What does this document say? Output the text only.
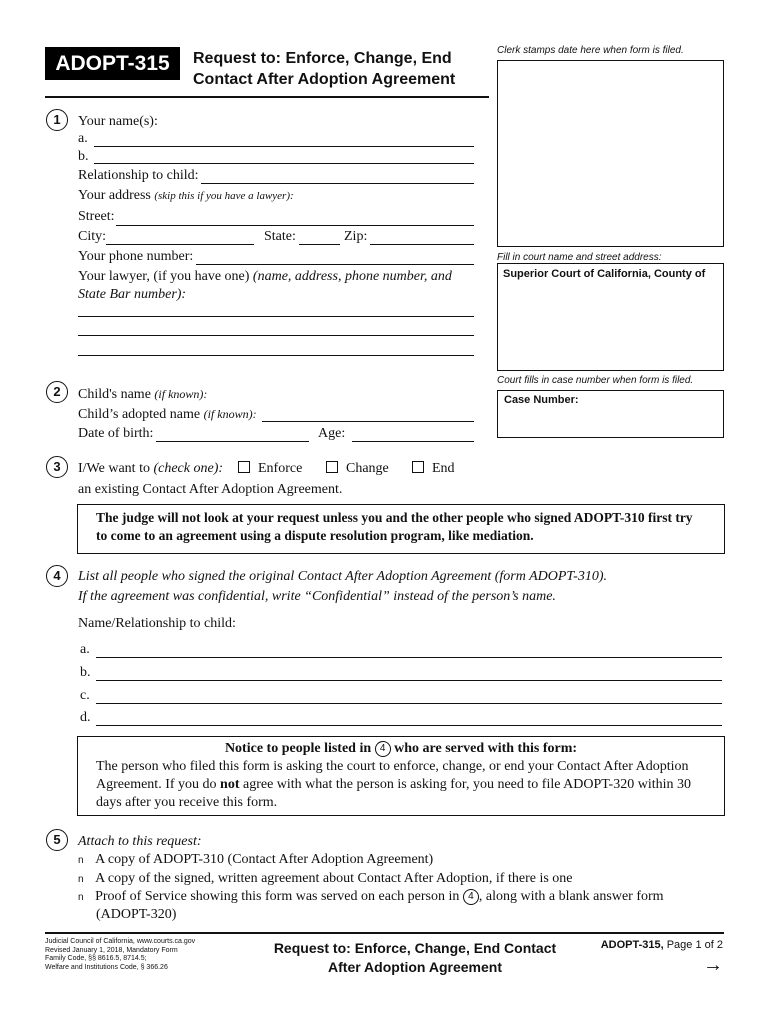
ADOPT-315	Request to: Enforce, Change, End
Contact After Adoption Agreement
Clerk stamps date here when form is filed.
Fill in court name and street address:
Superior Court of California, County of
Court fills in case number when form is filed.
Case Number:
1	Your name(s):
a.
b.
Relationship to child:
Your address (skip this if you have a lawyer):
Street:
City:	State:	Zip:
Your phone number:
Your lawyer, (if you have one) (name, address, phone number, and
State Bar number):
2	Child's name (if known):
Child’s adopted name (if known):
Date of birth:	Age:
3	I/We want to (check one):	Enforce	Change	End
an existing Contact After Adoption Agreement.
The judge will not look at your request unless you and the other people who signed ADOPT-310 first try
to come to an agreement using a dispute resolution program, like mediation.
4	List all people who signed the original Contact After Adoption Agreement (form ADOPT-310).
If the agreement was confidential, write “Confidential” instead of the person’s name.
Name/Relationship to child:
a.
b.
c.
d.
Notice to people listed in 4 who are served with this form:
The person who filed this form is asking the court to enforce, change, or end your Contact After Adoption
Agreement. If you do not agree with what the person is asking for, you need to file ADOPT-320 within 30
days after you receive this form.
5	Attach to this request:
n A copy of ADOPT-310 (Contact After Adoption Agreement)
n A copy of the signed, written agreement about Contact After Adoption, if there is one
n Proof of Service showing this form was served on each person in 4 , along with a blank answer form
(ADOPT-320)
Judicial Council of California, www.courts.ca.gov
Revised January 1, 2018, Mandatory Form
Family Code, §§ 8616.5, 8714.5;
Welfare and Institutions Code, § 366.26
Request to: Enforce, Change, End Contact
After Adoption Agreement
ADOPT-315, Page 1 of 2
→
